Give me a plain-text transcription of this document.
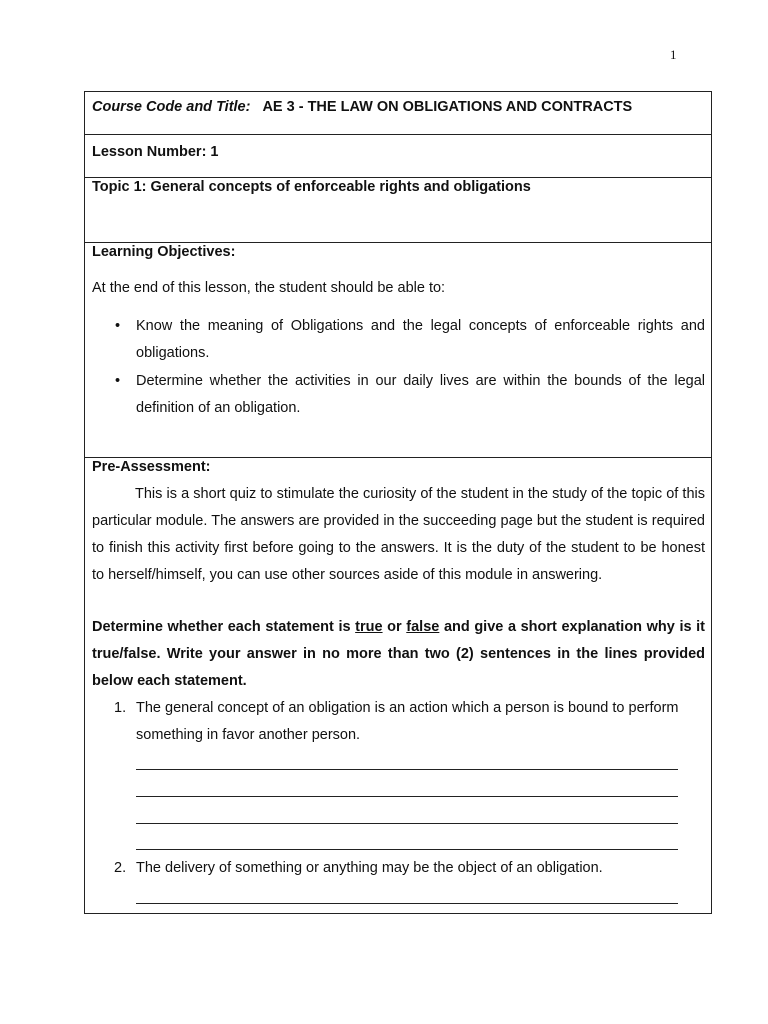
1
Course Code and Title: AE 3 - THE LAW ON OBLIGATIONS AND CONTRACTS
Lesson Number: 1
Topic 1: General concepts of enforceable rights and obligations
Learning Objectives:
At the end of this lesson, the student should be able to:
• Know the meaning of Obligations and the legal concepts of enforceable rights and
obligations.
• Determine whether the activities in our daily lives are within the bounds of the legal
definition of an obligation.
Pre-Assessment:
This is a short quiz to stimulate the curiosity of the student in the study of the topic of this particular module. The answers are provided in the succeeding page but the student is required to finish this activity first before going to the answers. It is the duty of the student to be honest to herself/himself, you can use other sources aside of this module in answering.
Determine whether each statement is true or false and give a short explanation why is it true/false. Write your answer in no more than two (2) sentences in the lines provided below each statement.
1. The general concept of an obligation is an action which a person is bound to perform
something in favor another person.
2. The delivery of something or anything may be the object of an obligation.
